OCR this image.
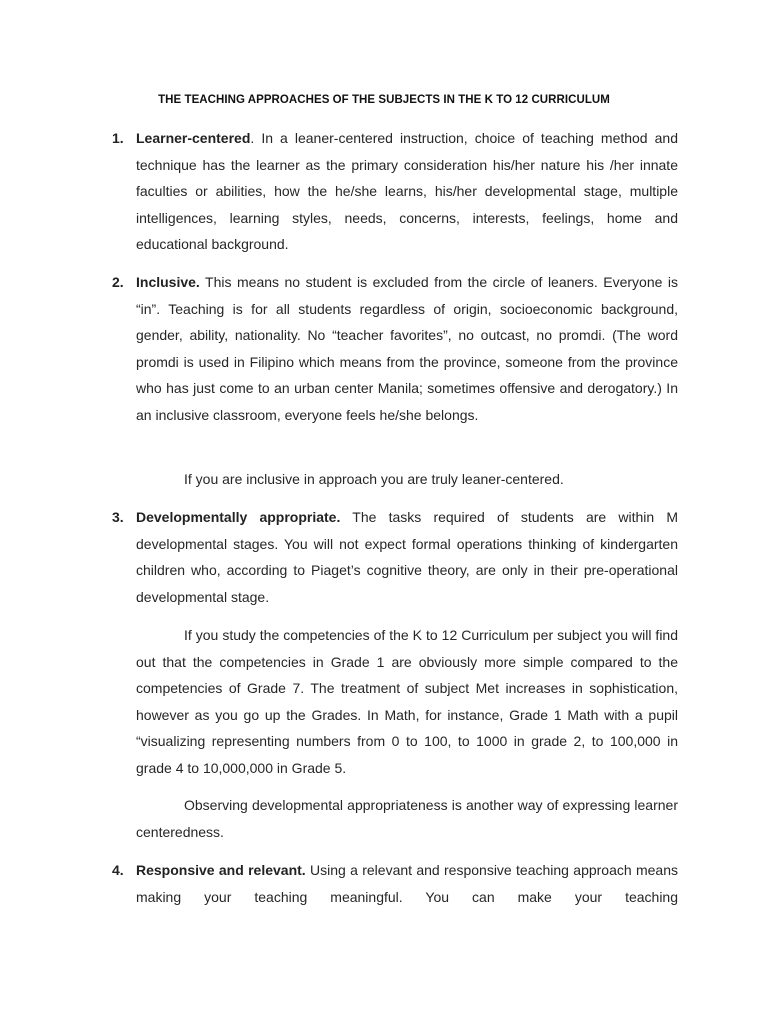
THE TEACHING APPROACHES OF THE SUBJECTS IN THE K TO 12 CURRICULUM
1. Learner-centered. In a leaner-centered instruction, choice of teaching method and technique has the learner as the primary consideration his/her nature his /her innate faculties or abilities, how the he/she learns, his/her developmental stage, multiple intelligences, learning styles, needs, concerns, interests, feelings, home and educational background.
2. Inclusive. This means no student is excluded from the circle of leaners. Everyone is “in”. Teaching is for all students regardless of origin, socioeconomic background, gender, ability, nationality. No “teacher favorites”, no outcast, no promdi. (The word promdi is used in Filipino which means from the province, someone from the province who has just come to an urban center Manila; sometimes offensive and derogatory.) In an inclusive classroom, everyone feels he/she belongs.
If you are inclusive in approach you are truly leaner-centered.
3. Developmentally appropriate. The tasks required of students are within M developmental stages. You will not expect formal operations thinking of kindergarten children who, according to Piaget’s cognitive theory, are only in their pre-operational developmental stage.
If you study the competencies of the K to 12 Curriculum per subject you will find out that the competencies in Grade 1 are obviously more simple compared to the competencies of Grade 7. The treatment of subject Met increases in sophistication, however as you go up the Grades. In Math, for instance, Grade 1 Math with a pupil “visualizing representing numbers from 0 to 100, to 1000 in grade 2, to 100,000 in grade 4 to 10,000,000 in Grade 5.
Observing developmental appropriateness is another way of expressing learner centeredness.
4. Responsive and relevant. Using a relevant and responsive teaching approach means making your teaching meaningful. You can make your teaching
